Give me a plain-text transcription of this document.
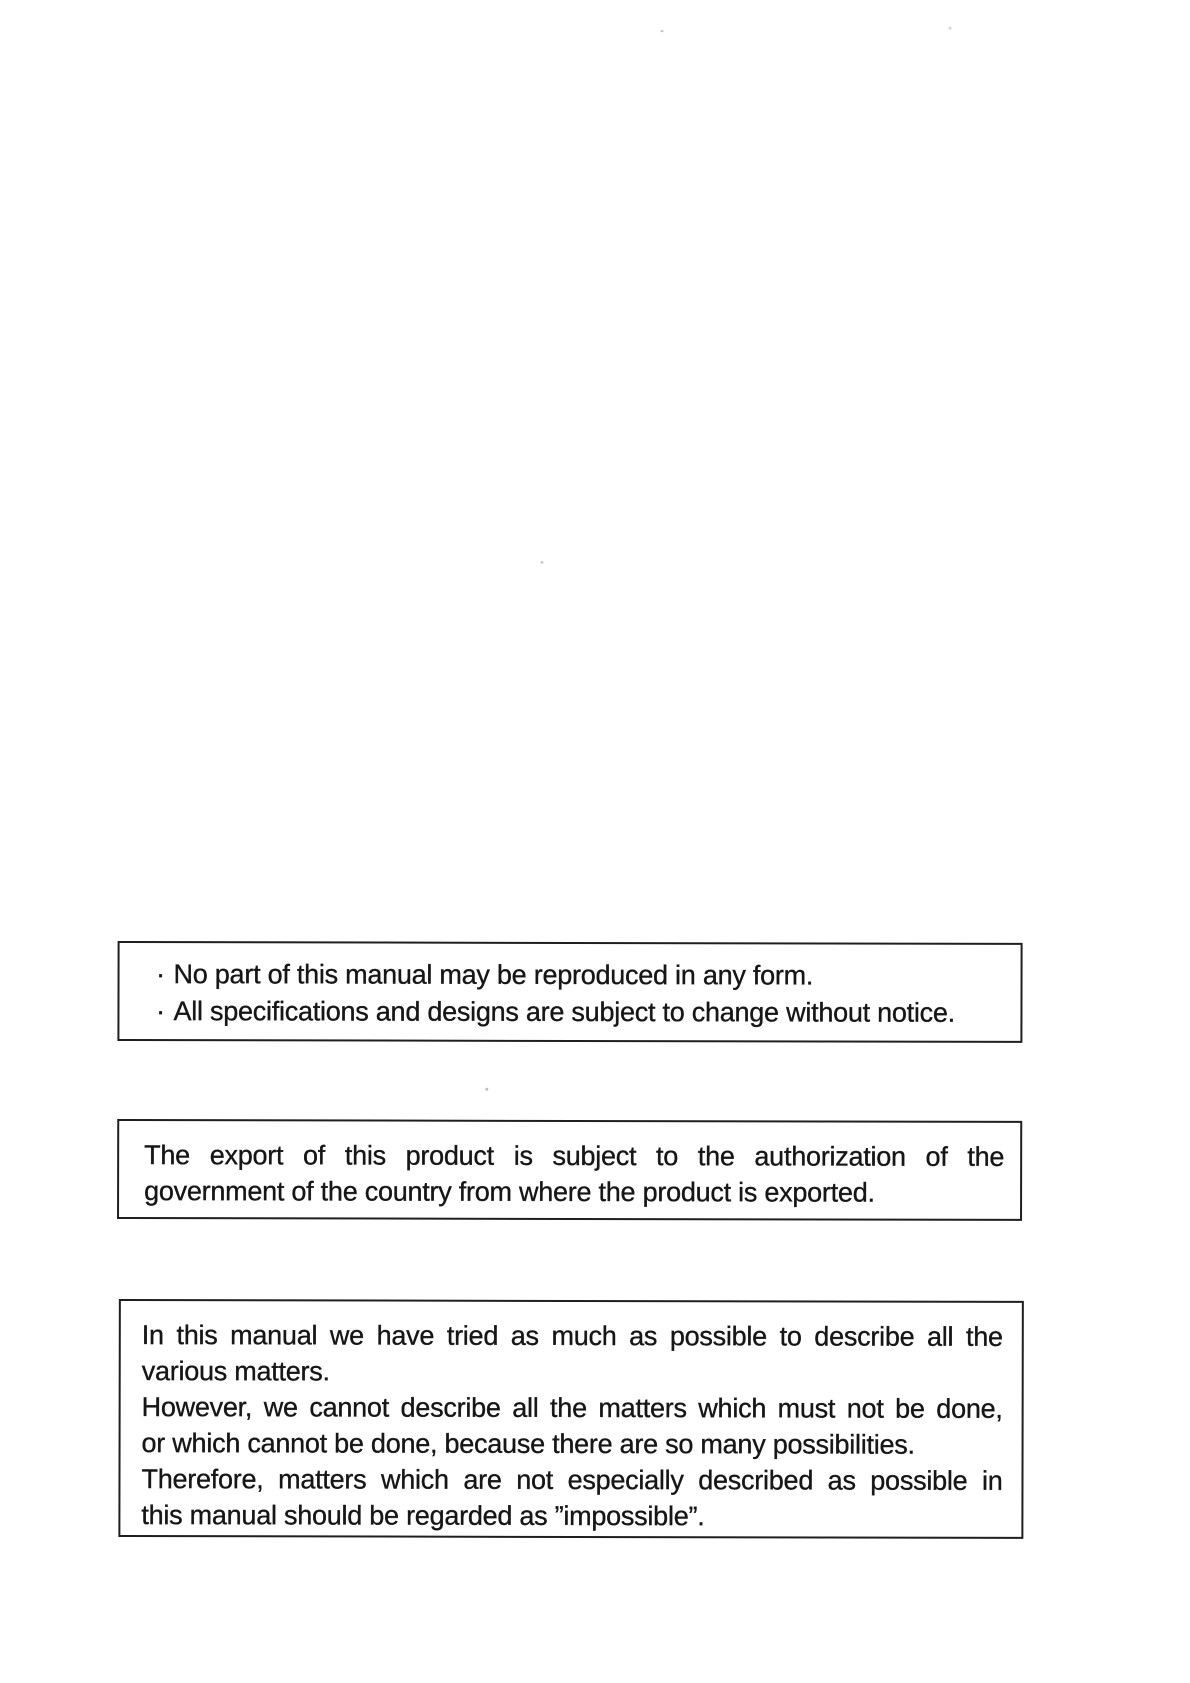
· No part of this manual may be reproduced in any form.
· All specifications and designs are subject to change without notice.
The export of this product is subject to the authorization of the
government of the country from where the product is exported.
In this manual we have tried as much as possible to describe all the
various matters.
However, we cannot describe all the matters which must not be done,
or which cannot be done, because there are so many possibilities.
Therefore, matters which are not especially described as possible in
this manual should be regarded as ”impossible”.
